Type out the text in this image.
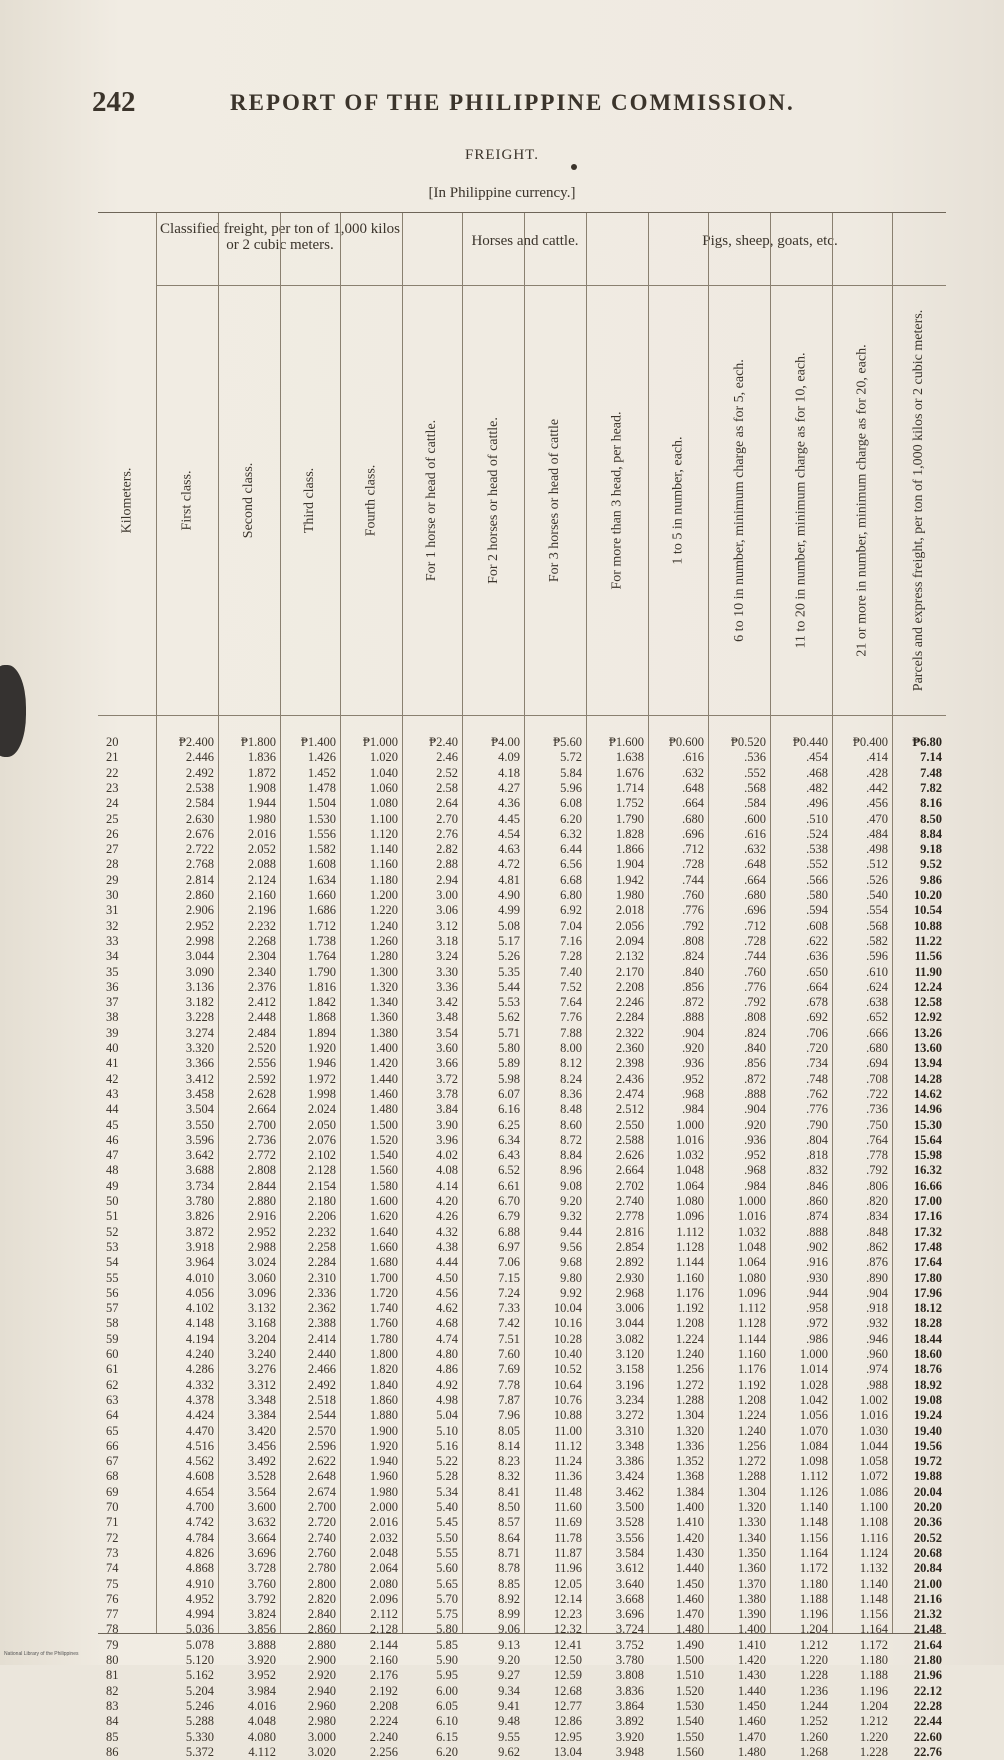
242	REPORT OF THE PHILIPPINE COMMISSION.
FREIGHT.
[In Philippine currency.]
Classified freight, per ton of 1,000 kilos or 2 cubic meters.	Horses and cattle.	Pigs, sheep, goats, etc.
20	₱2.400 ₱1.800 ₱1.400 ₱1.000 ₱2.40	₱4.00	₱5.60 ₱1.600 ₱0.600 ₱0.520 ₱0.440 ₱0.400 ₱6.80
21	2.446	1.836	1.426	1.020	2.46	4.09	5.72	1.638	.616	.536	.454	.414	7.14
22	2.492	1.872	1.452	1.040	2.52	4.18	5.84	1.676	.632	.552	.468	.428	7.48
23	2.538	1.908	1.478	1.060	2.58	4.27	5.96	1.714	.648	.568	.482	.442	7.82
24	2.584	1.944	1.504	1.080	2.64	4.36	6.08	1.752	.664	.584	.496	.456	8.16
25	2.630	1.980	1.530	1.100	2.70	4.45	6.20	1.790	.680	.600	.510	.470	8.50
26	2.676	2.016	1.556	1.120	2.76	4.54	6.32	1.828	.696	.616	.524	.484	8.84
27	2.722	2.052	1.582	1.140	2.82	4.63	6.44	1.866	.712	.632	.538	.498	9.18
28	2.768	2.088	1.608	1.160	2.88	4.72	6.56	1.904	.728	.648	.552	.512	9.52
29	2.814	2.124	1.634	1.180	2.94	4.81	6.68	1.942	.744	.664	.566	.526	9.86
30	2.860	2.160	1.660	1.200	3.00	4.90	6.80	1.980	.760	.680	.580	.540 10.20
31	2.906	2.196	1.686	1.220	3.06	4.99	6.92	2.018	.776	.696	.594	.554 10.54
32	2.952	2.232	1.712	1.240	3.12	5.08	7.04	2.056	.792	.712	.608	.568 10.88
33	2.998	2.268	1.738	1.260	3.18	5.17	7.16	2.094	.808	.728	.622	.582 11.22
34	3.044	2.304	1.764	1.280	3.24	5.26	7.28	2.132	.824	.744	.636	.596 11.56
35	3.090	2.340	1.790	1.300	3.30	5.35	7.40	2.170	.840	.760	.650	.610 11.90
36	3.136	2.376	1.816	1.320	3.36	5.44	7.52	2.208	.856	.776	.664	.624 12.24
37	3.182	2.412	1.842	1.340	3.42	5.53	7.64	2.246	.872	.792	.678	.638 12.58
38	3.228	2.448	1.868	1.360	3.48	5.62	7.76	2.284	.888	.808	.692	.652 12.92
39	3.274	2.484	1.894	1.380	3.54	5.71	7.88	2.322	.904	.824	.706	.666 13.26
40	3.320	2.520	1.920	1.400	3.60	5.80	8.00	2.360	.920	.840	.720	.680 13.60
41	3.366	2.556	1.946	1.420	3.66	5.89	8.12	2.398	.936	.856	.734	.694 13.94
42	3.412	2.592	1.972	1.440	3.72	5.98	8.24	2.436	.952	.872	.748	.708 14.28
43	3.458	2.628	1.998	1.460	3.78	6.07	8.36	2.474	.968	.888	.762	.722 14.62
44	3.504	2.664	2.024	1.480	3.84	6.16	8.48	2.512	.984	.904	.776	.736 14.96
45	3.550	2.700	2.050	1.500	3.90	6.25	8.60	2.550	1.000	.920	.790	.750 15.30
46	3.596	2.736	2.076	1.520	3.96	6.34	8.72	2.588	1.016	.936	.804	.764 15.64
47	3.642	2.772	2.102	1.540	4.02	6.43	8.84	2.626	1.032	.952	.818	.778 15.98
48	3.688	2.808	2.128	1.560	4.08	6.52	8.96	2.664	1.048	.968	.832	.792 16.32
49	3.734	2.844	2.154	1.580	4.14	6.61	9.08	2.702	1.064	.984	.846	.806 16.66
50	3.780	2.880	2.180	1.600	4.20	6.70	9.20	2.740	1.080	1.000	.860	.820 17.00
51	3.826	2.916	2.206	1.620	4.26	6.79	9.32	2.778	1.096	1.016	.874	.834 17.16
52	3.872	2.952	2.232	1.640	4.32	6.88	9.44	2.816	1.112	1.032	.888	.848 17.32
53	3.918	2.988	2.258	1.660	4.38	6.97	9.56	2.854	1.128	1.048	.902	.862 17.48
54	3.964	3.024	2.284	1.680	4.44	7.06	9.68	2.892	1.144	1.064	.916	.876 17.64
55	4.010	3.060	2.310	1.700	4.50	7.15	9.80	2.930	1.160	1.080	.930	.890 17.80
56	4.056	3.096	2.336	1.720	4.56	7.24	9.92	2.968	1.176	1.096	.944	.904 17.96
57	4.102	3.132	2.362	1.740	4.62	7.33	10.04	3.006	1.192	1.112	.958	.918 18.12
58	4.148	3.168	2.388	1.760	4.68	7.42	10.16	3.044	1.208	1.128	.972	.932 18.28
59	4.194	3.204	2.414	1.780	4.74	7.51	10.28	3.082	1.224	1.144	.986	.946 18.44
60	4.240	3.240	2.440	1.800	4.80	7.60	10.40	3.120	1.240	1.160	1.000	.960 18.60
61	4.286	3.276	2.466	1.820	4.86	7.69	10.52	3.158	1.256	1.176	1.014	.974 18.76
62	4.332	3.312	2.492	1.840	4.92	7.78	10.64	3.196	1.272	1.192	1.028	.988 18.92
63	4.378	3.348	2.518	1.860	4.98	7.87	10.76	3.234	1.288	1.208	1.042	1.002 19.08
64	4.424	3.384	2.544	1.880	5.04	7.96	10.88	3.272	1.304	1.224	1.056	1.016 19.24
65	4.470	3.420	2.570	1.900	5.10	8.05	11.00	3.310	1.320	1.240	1.070	1.030 19.40
66	4.516	3.456	2.596	1.920	5.16	8.14	11.12	3.348	1.336	1.256	1.084	1.044 19.56
67	4.562	3.492	2.622	1.940	5.22	8.23	11.24	3.386	1.352	1.272	1.098	1.058 19.72
68	4.608	3.528	2.648	1.960	5.28	8.32	11.36	3.424	1.368	1.288	1.112	1.072 19.88
69	4.654	3.564	2.674	1.980	5.34	8.41	11.48	3.462	1.384	1.304	1.126	1.086 20.04
70	4.700	3.600	2.700	2.000	5.40	8.50	11.60	3.500	1.400	1.320	1.140	1.100 20.20
71	4.742	3.632	2.720	2.016	5.45	8.57	11.69	3.528	1.410	1.330	1.148	1.108 20.36
72	4.784	3.664	2.740	2.032	5.50	8.64	11.78	3.556	1.420	1.340	1.156	1.116 20.52
73	4.826	3.696	2.760	2.048	5.55	8.71	11.87	3.584	1.430	1.350	1.164	1.124 20.68
74	4.868	3.728	2.780	2.064	5.60	8.78	11.96	3.612	1.440	1.360	1.172	1.132 20.84
75	4.910	3.760	2.800	2.080	5.65	8.85	12.05	3.640	1.450	1.370	1.180	1.140 21.00
76	4.952	3.792	2.820	2.096	5.70	8.92	12.14	3.668	1.460	1.380	1.188	1.148 21.16
77	4.994	3.824	2.840	2.112	5.75	8.99	12.23	3.696	1.470	1.390	1.196	1.156 21.32
78	5.036	3.856	2.860	2.128	5.80	9.06	12.32	3.724	1.480	1.400	1.204	1.164 21.48
79	5.078	3.888	2.880	2.144	5.85	9.13	12.41	3.752	1.490	1.410	1.212	1.172 21.64
80	5.120	3.920	2.900	2.160	5.90	9.20	12.50	3.780	1.500	1.420	1.220	1.180 21.80
81	5.162	3.952	2.920	2.176	5.95	9.27	12.59	3.808	1.510	1.430	1.228	1.188 21.96
82	5.204	3.984	2.940	2.192	6.00	9.34	12.68	3.836	1.520	1.440	1.236	1.196 22.12
83	5.246	4.016	2.960	2.208	6.05	9.41	12.77	3.864	1.530	1.450	1.244	1.204 22.28
84	5.288	4.048	2.980	2.224	6.10	9.48	12.86	3.892	1.540	1.460	1.252	1.212 22.44
85	5.330	4.080	3.000	2.240	6.15	9.55	12.95	3.920	1.550	1.470	1.260	1.220 22.60
86	5.372	4.112	3.020	2.256	6.20	9.62	13.04	3.948	1.560	1.480	1.268	1.228 22.76
Kilometers.	First class.	Second class.	Third class.	Fourth class.	For 1 horse or head of cattle.	For 2 horses or head of cattle.	For 3 horses or head of cattle	For more than 3 head, per head.	1 to 5 in number, each.	6 to 10 in number, minimum charge as for 5, each.	11 to 20 in number, minimum charge as for 10, each.	21 or more in number, minimum charge as for 20, each.	Parcels and express freight, per ton of 1,000 kilos or 2 cubic meters.
National Library of the Philippines
